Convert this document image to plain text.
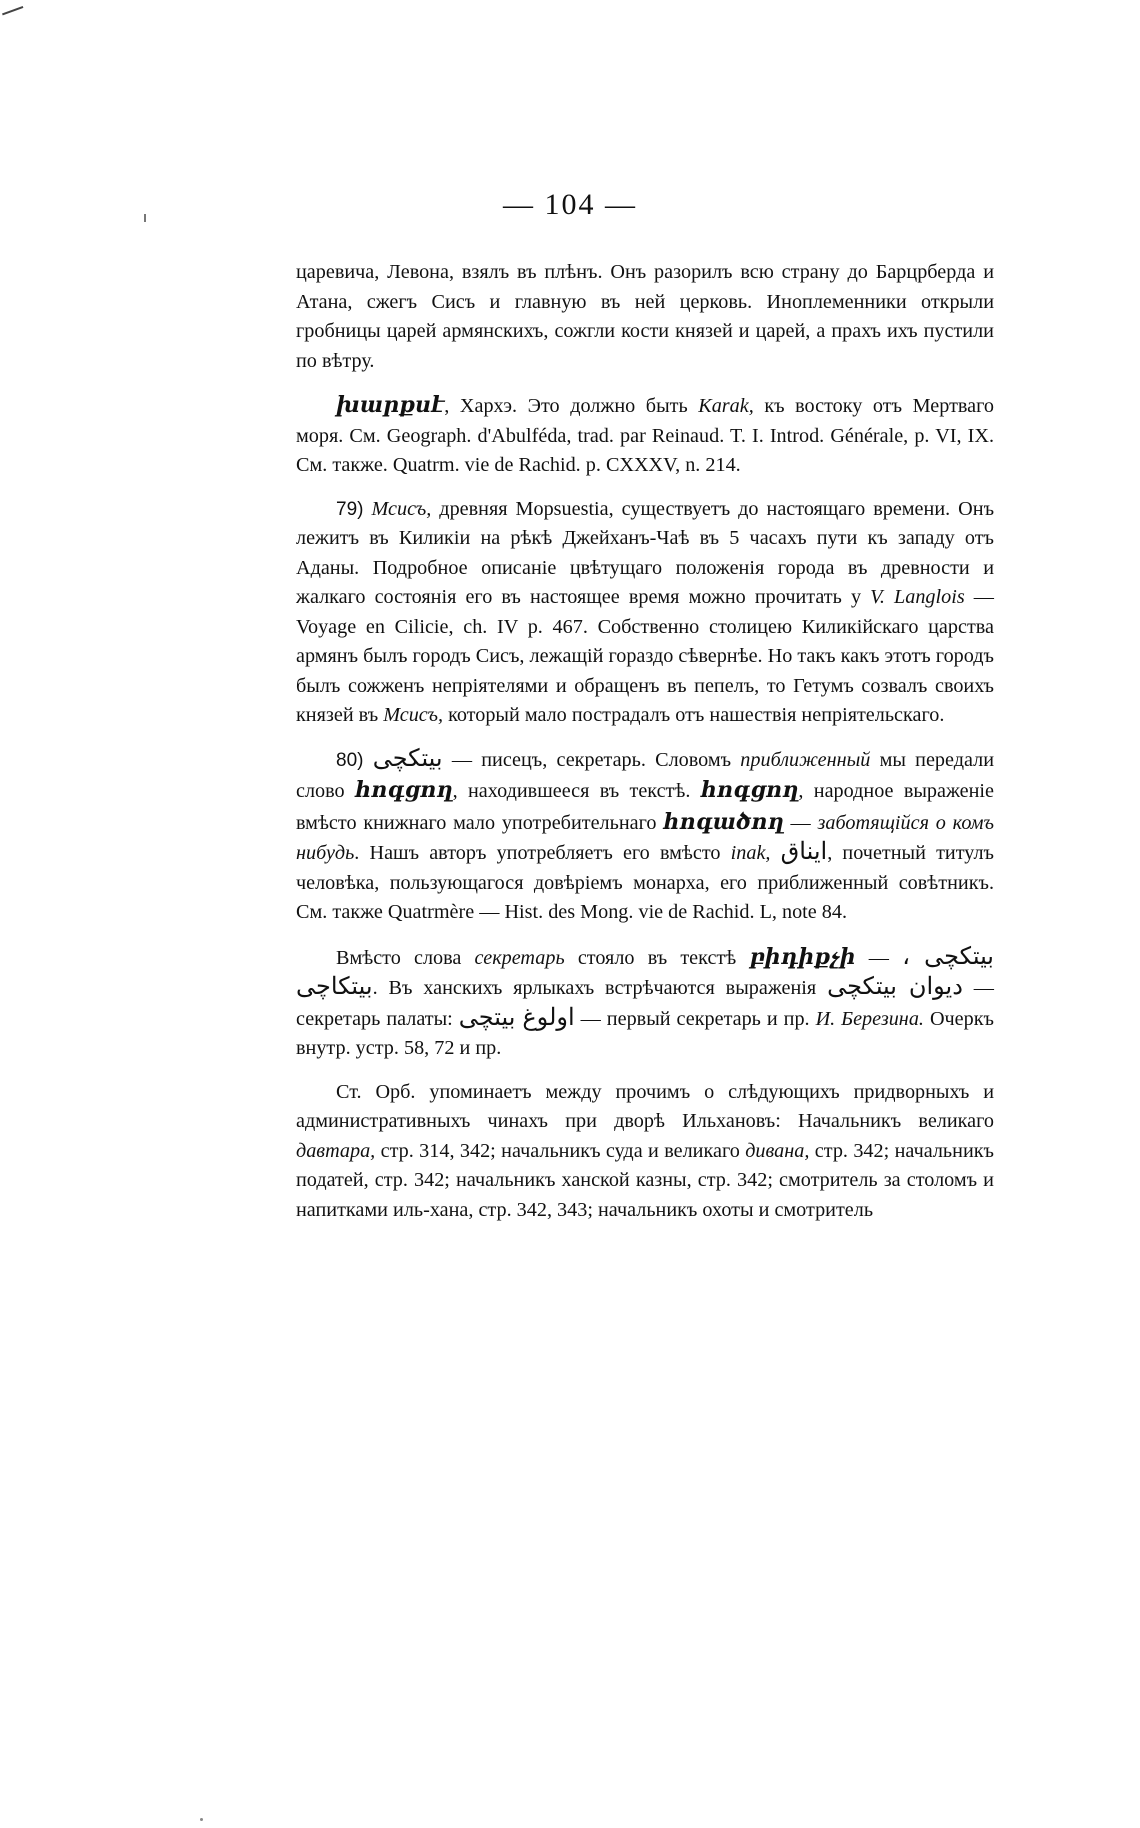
— 104 —

царевича, Левона, взялъ въ плѣнъ. Онъ разорилъ всю страну до Барцрберда и Атана, сжегъ Сисъ и главную въ ней церковь. Иноплеменники открыли гробницы царей армянскихъ, сожгли кости князей и царей, а прахъ ихъ пустили по вѣтру.

խարքսէ, Хархэ. Это должно быть Karak, къ востоку отъ Мертваго моря. См. Geograph. d'Abulféda, trad. par Reinaud. T. I. Introd. Générale, p. VI, IX. См. также. Quatrm. vie de Rachid. p. CXXXV, n. 214.

79) Мсисъ, древняя Mopsuestia, существуетъ до настоящаго времени. Онъ лежитъ въ Киликіи на рѣкѣ Джейханъ-Чаѣ въ 5 часахъ пути къ западу отъ Аданы. Подробное описаніе цвѣтущаго положенія города въ древности и жалкаго состоянія его въ настоящее время можно прочитать у V. Langlois — Voyage en Cilicie, ch. IV p. 467. Собственно столицею Киликійскаго царства армянъ былъ городъ Сисъ, лежащій гораздо сѣвернѣе. Но такъ какъ этотъ городъ былъ сожженъ непріятелями и обращенъ въ пепелъ, то Гетумъ созвалъ своихъ князей въ Мсисъ, который мало пострадалъ отъ нашествія непріятельскаго.

80) بیتکچی — писецъ, секретарь. Словомъ приближенный мы передали слово հոգցող, находившееся въ текстѣ. հոգցող, народное выраженіе вмѣсто книжнаго мало употребительнаго հոգածող — заботящійся о комъ нибудь. Нашъ авторъ употребляетъ его вмѣсто inak, ایناق, почетный титулъ человѣка, пользующагося довѣріемъ монарха, его приближенный совѣтникъ. См. также Quatrmère — Hist. des Mong. vie de Rachid. L, note 84.

Вмѣсто слова секретарь стояло въ текстѣ բիդիքչի — بیتکچی ، بیتکاچی. Въ ханскихъ ярлыкахъ встрѣчаются выраженія دیوان بیتکچی — секретарь палаты: اولوغ بیتچی — первый секретарь и пр. И. Березина. Очеркъ внутр. устр. 58, 72 и пр.

Ст. Орб. упоминаетъ между прочимъ о слѣдующихъ придворныхъ и административныхъ чинахъ при дворѣ Ильхановъ: Начальникъ великаго давтара, стр. 314, 342; начальникъ суда и великаго дивана, стр. 342; начальникъ податей, стр. 342; начальникъ ханской казны, стр. 342; смотритель за столомъ и напитками иль-хана, стр. 342, 343; начальникъ охоты и смотритель
